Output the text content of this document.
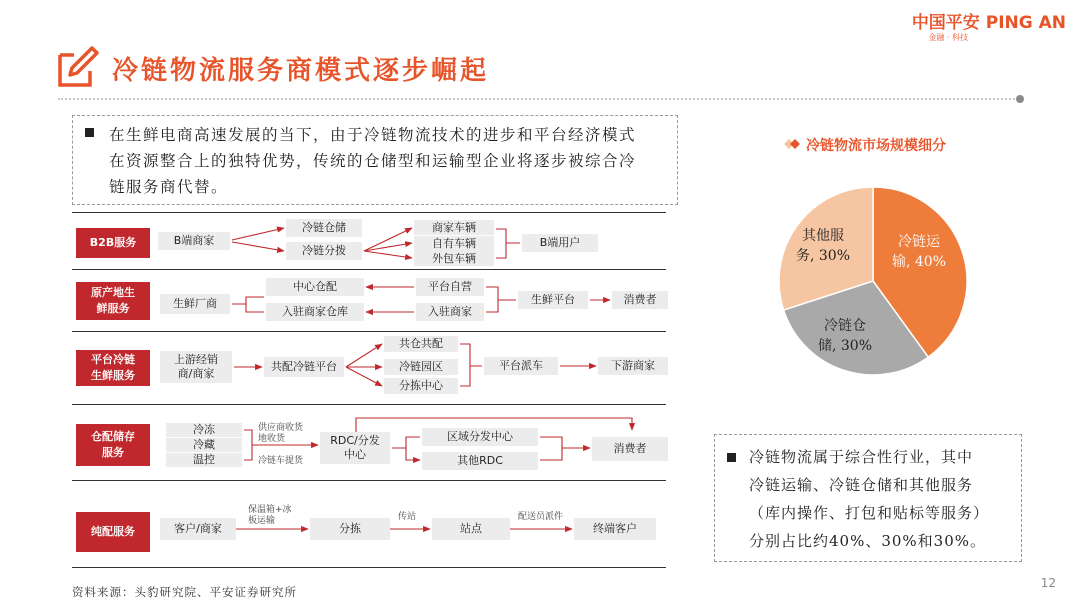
中国平安 PING AN
金融 · 科技
冷链物流服务商模式逐步崛起
在生鲜电商高速发展的当下，由于冷链物流技术的进步和平台经济模式
在资源整合上的独特优势，传统的仓储型和运输型企业将逐步被综合冷
链服务商代替。
B2B服务	B端商家
冷链仓储
冷链分拨
商家车辆
自有车辆
外包车辆
B端用户
原产地生
鲜服务	生鲜厂商
中心仓配
入驻商家仓库
平台自营
入驻商家
生鲜平台	消费者
平台冷链
生鲜服务
上游经销
商/商家
共配冷链平台
共仓共配
冷链园区
分拣中心
平台派车	下游商家
仓配储存
服务
冷冻
冷藏
温控
供应商收货
地收货
冷链车提货
RDC/分发
中心
区域分发中心
其他RDC
消费者
纯配服务	客户/商家
保温箱+冰
板运输
分拣
传站
站点
配送员派件
终端客户
冷链物流市场规模细分
冷链运
输, 40%
冷链仓
储, 30%
其他服
务, 30%
冷链物流属于综合性行业，其中
冷链运输、冷链仓储和其他服务
（库内操作、打包和贴标等服务）
分别占比约40%、30%和30%。
资料来源：头豹研究院、平安证券研究所
12
